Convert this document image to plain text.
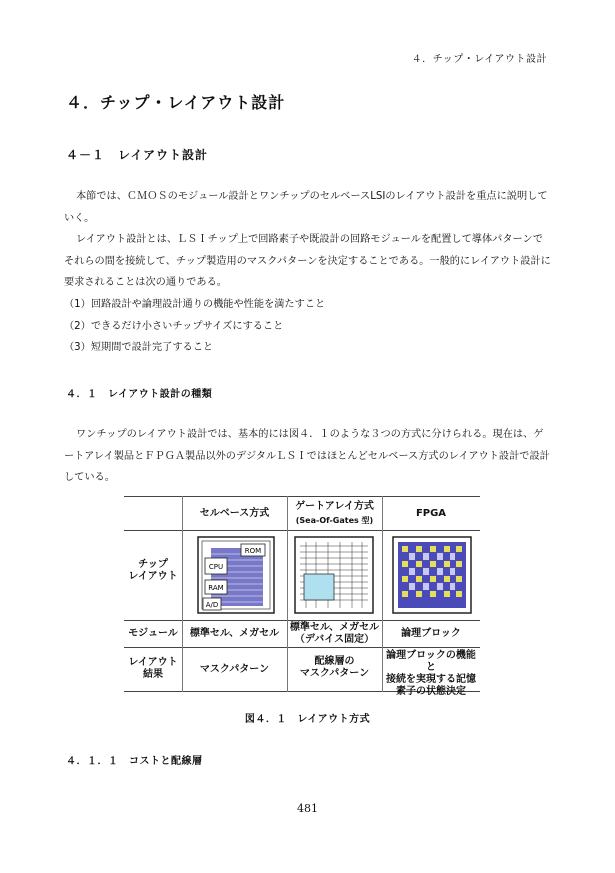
４．チップ・レイアウト設計
４．チップ・レイアウト設計
４－１　レイアウト設計

本節では、ＣＭＯＳのモジュール設計とワンチップのセルベースLSIのレイアウト設計を重点に説明していく。

レイアウト設計とは、ＬＳＩチップ上で回路素子や既設計の回路モジュールを配置して導体パターンでそれらの間を接続して、チップ製造用のマスクパターンを決定することである。一般的にレイアウト設計に要求されることは次の通りである。

（1）回路設計や論理設計通りの機能や性能を満たすこと
（2）できるだけ小さいチップサイズにすること
（3）短期間で設計完了すること
４．１　レイアウト設計の種類

ワンチップのレイアウト設計では、基本的には図４．１のような３つの方式に分けられる。現在は、ゲートアレイ製品とＦＰＧＡ製品以外のデジタルＬＳＩではほとんどセルベース方式のレイアウト設計で設計している。

セルベース方式
ゲートアレイ方式
(Sea-Of-Gates 型)
FPGA
チップ
レイアウト
モジュール
レイアウト
結果
ROM
CPU
RAM
A/D
標準セル、メガセル
標準セル、メガセル
（デバイス固定）
論理ブロック
マスクパターン
配線層の
マスクパターン
論理ブロックの機能と
接続を実現する記憶
素子の状態決定
図４．１　レイアウト方式
４．１．１　コストと配線層
481
